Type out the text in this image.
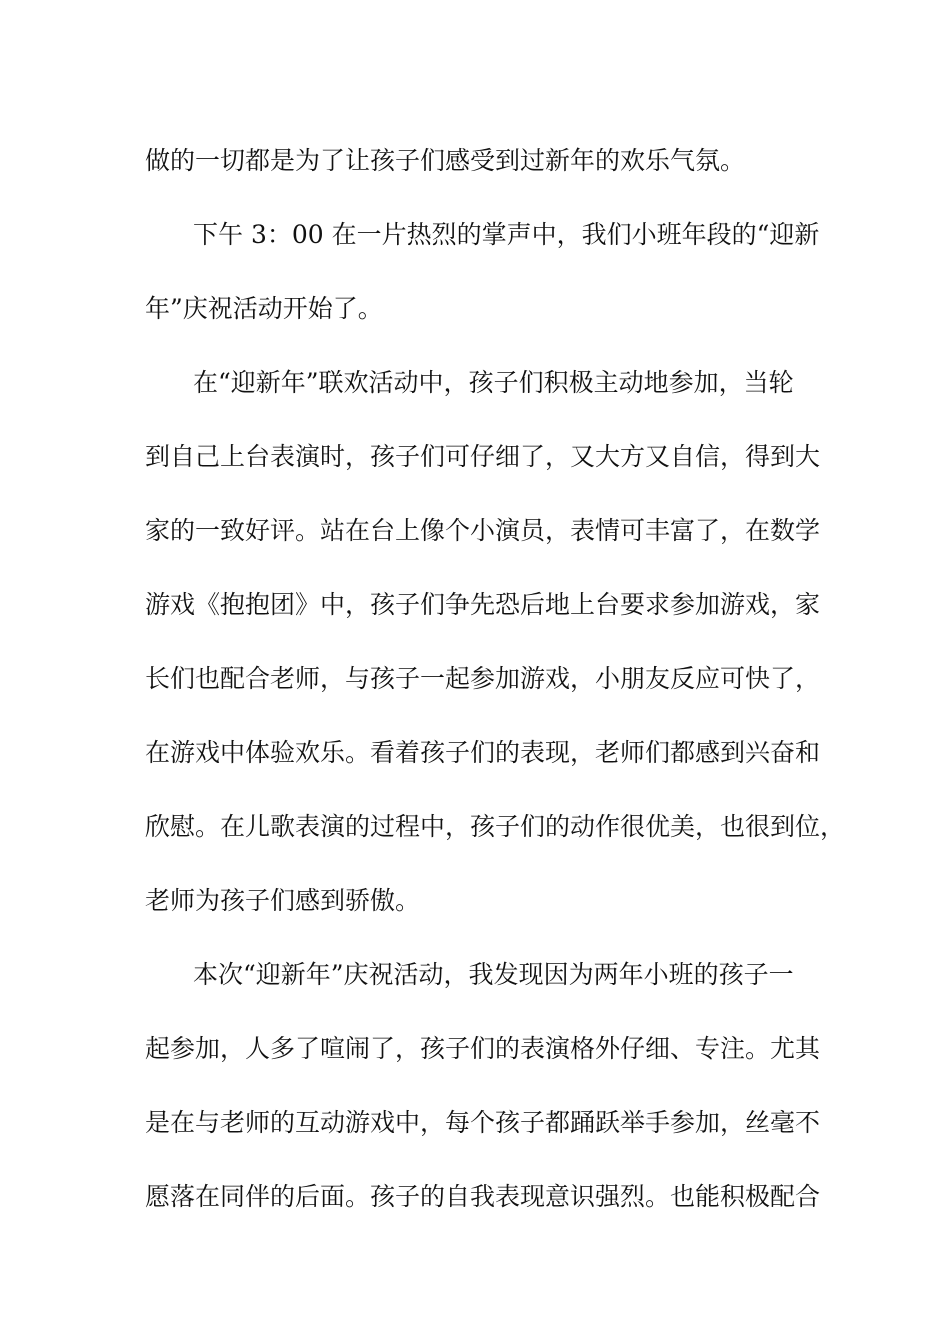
做的一切都是为了让孩子们感受到过新年的欢乐气氛。
下午 3：00 在一片热烈的掌声中，我们小班年段的“迎新
年”庆祝活动开始了。
在“迎新年”联欢活动中，孩子们积极主动地参加，当轮
到自己上台表演时，孩子们可仔细了，又大方又自信，得到大
家的一致好评。站在台上像个小演员，表情可丰富了，在数学
游戏《抱抱团》中，孩子们争先恐后地上台要求参加游戏，家
长们也配合老师，与孩子一起参加游戏，小朋友反应可快了，
在游戏中体验欢乐。看着孩子们的表现，老师们都感到兴奋和
欣慰。在儿歌表演的过程中，孩子们的动作很优美，也很到位，
老师为孩子们感到骄傲。
本次“迎新年”庆祝活动，我发现因为两年小班的孩子一
起参加，人多了喧闹了，孩子们的表演格外仔细、专注。尤其
是在与老师的互动游戏中，每个孩子都踊跃举手参加，丝毫不
愿落在同伴的后面。孩子的自我表现意识强烈。也能积极配合
